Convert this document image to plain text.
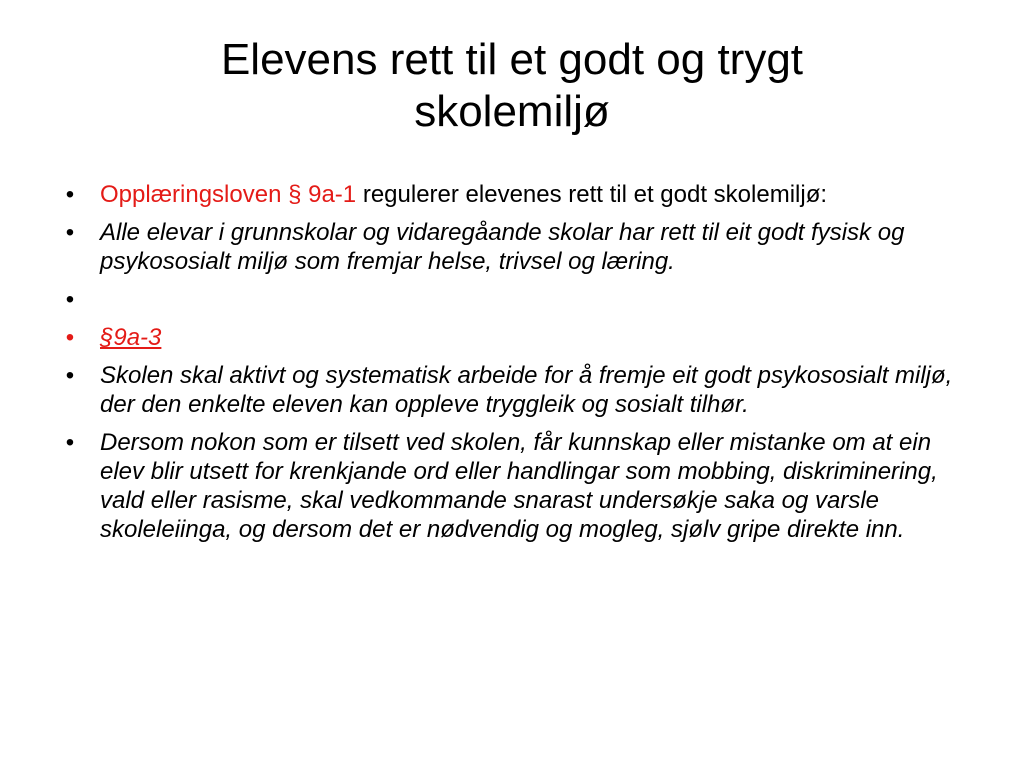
Elevens rett til et godt og trygt
skolemiljø
• Opplæringsloven § 9a-1 regulerer elevenes rett til et godt skolemiljø:
• Alle elevar i grunnskolar og vidaregåande skolar har rett til eit godt fysisk og psykososialt miljø som fremjar helse, trivsel og læring.
•
• §9a-3
• Skolen skal aktivt og systematisk arbeide for å fremje eit godt psykososialt miljø, der den enkelte eleven kan oppleve tryggleik og sosialt tilhør.
• Dersom nokon som er tilsett ved skolen, får kunnskap eller mistanke om at ein elev blir utsett for krenkjande ord eller handlingar som mobbing, diskriminering, vald eller rasisme, skal vedkommande snarast undersøkje saka og varsle skoleleiinga, og dersom det er nødvendig og mogleg, sjølv gripe direkte inn.
